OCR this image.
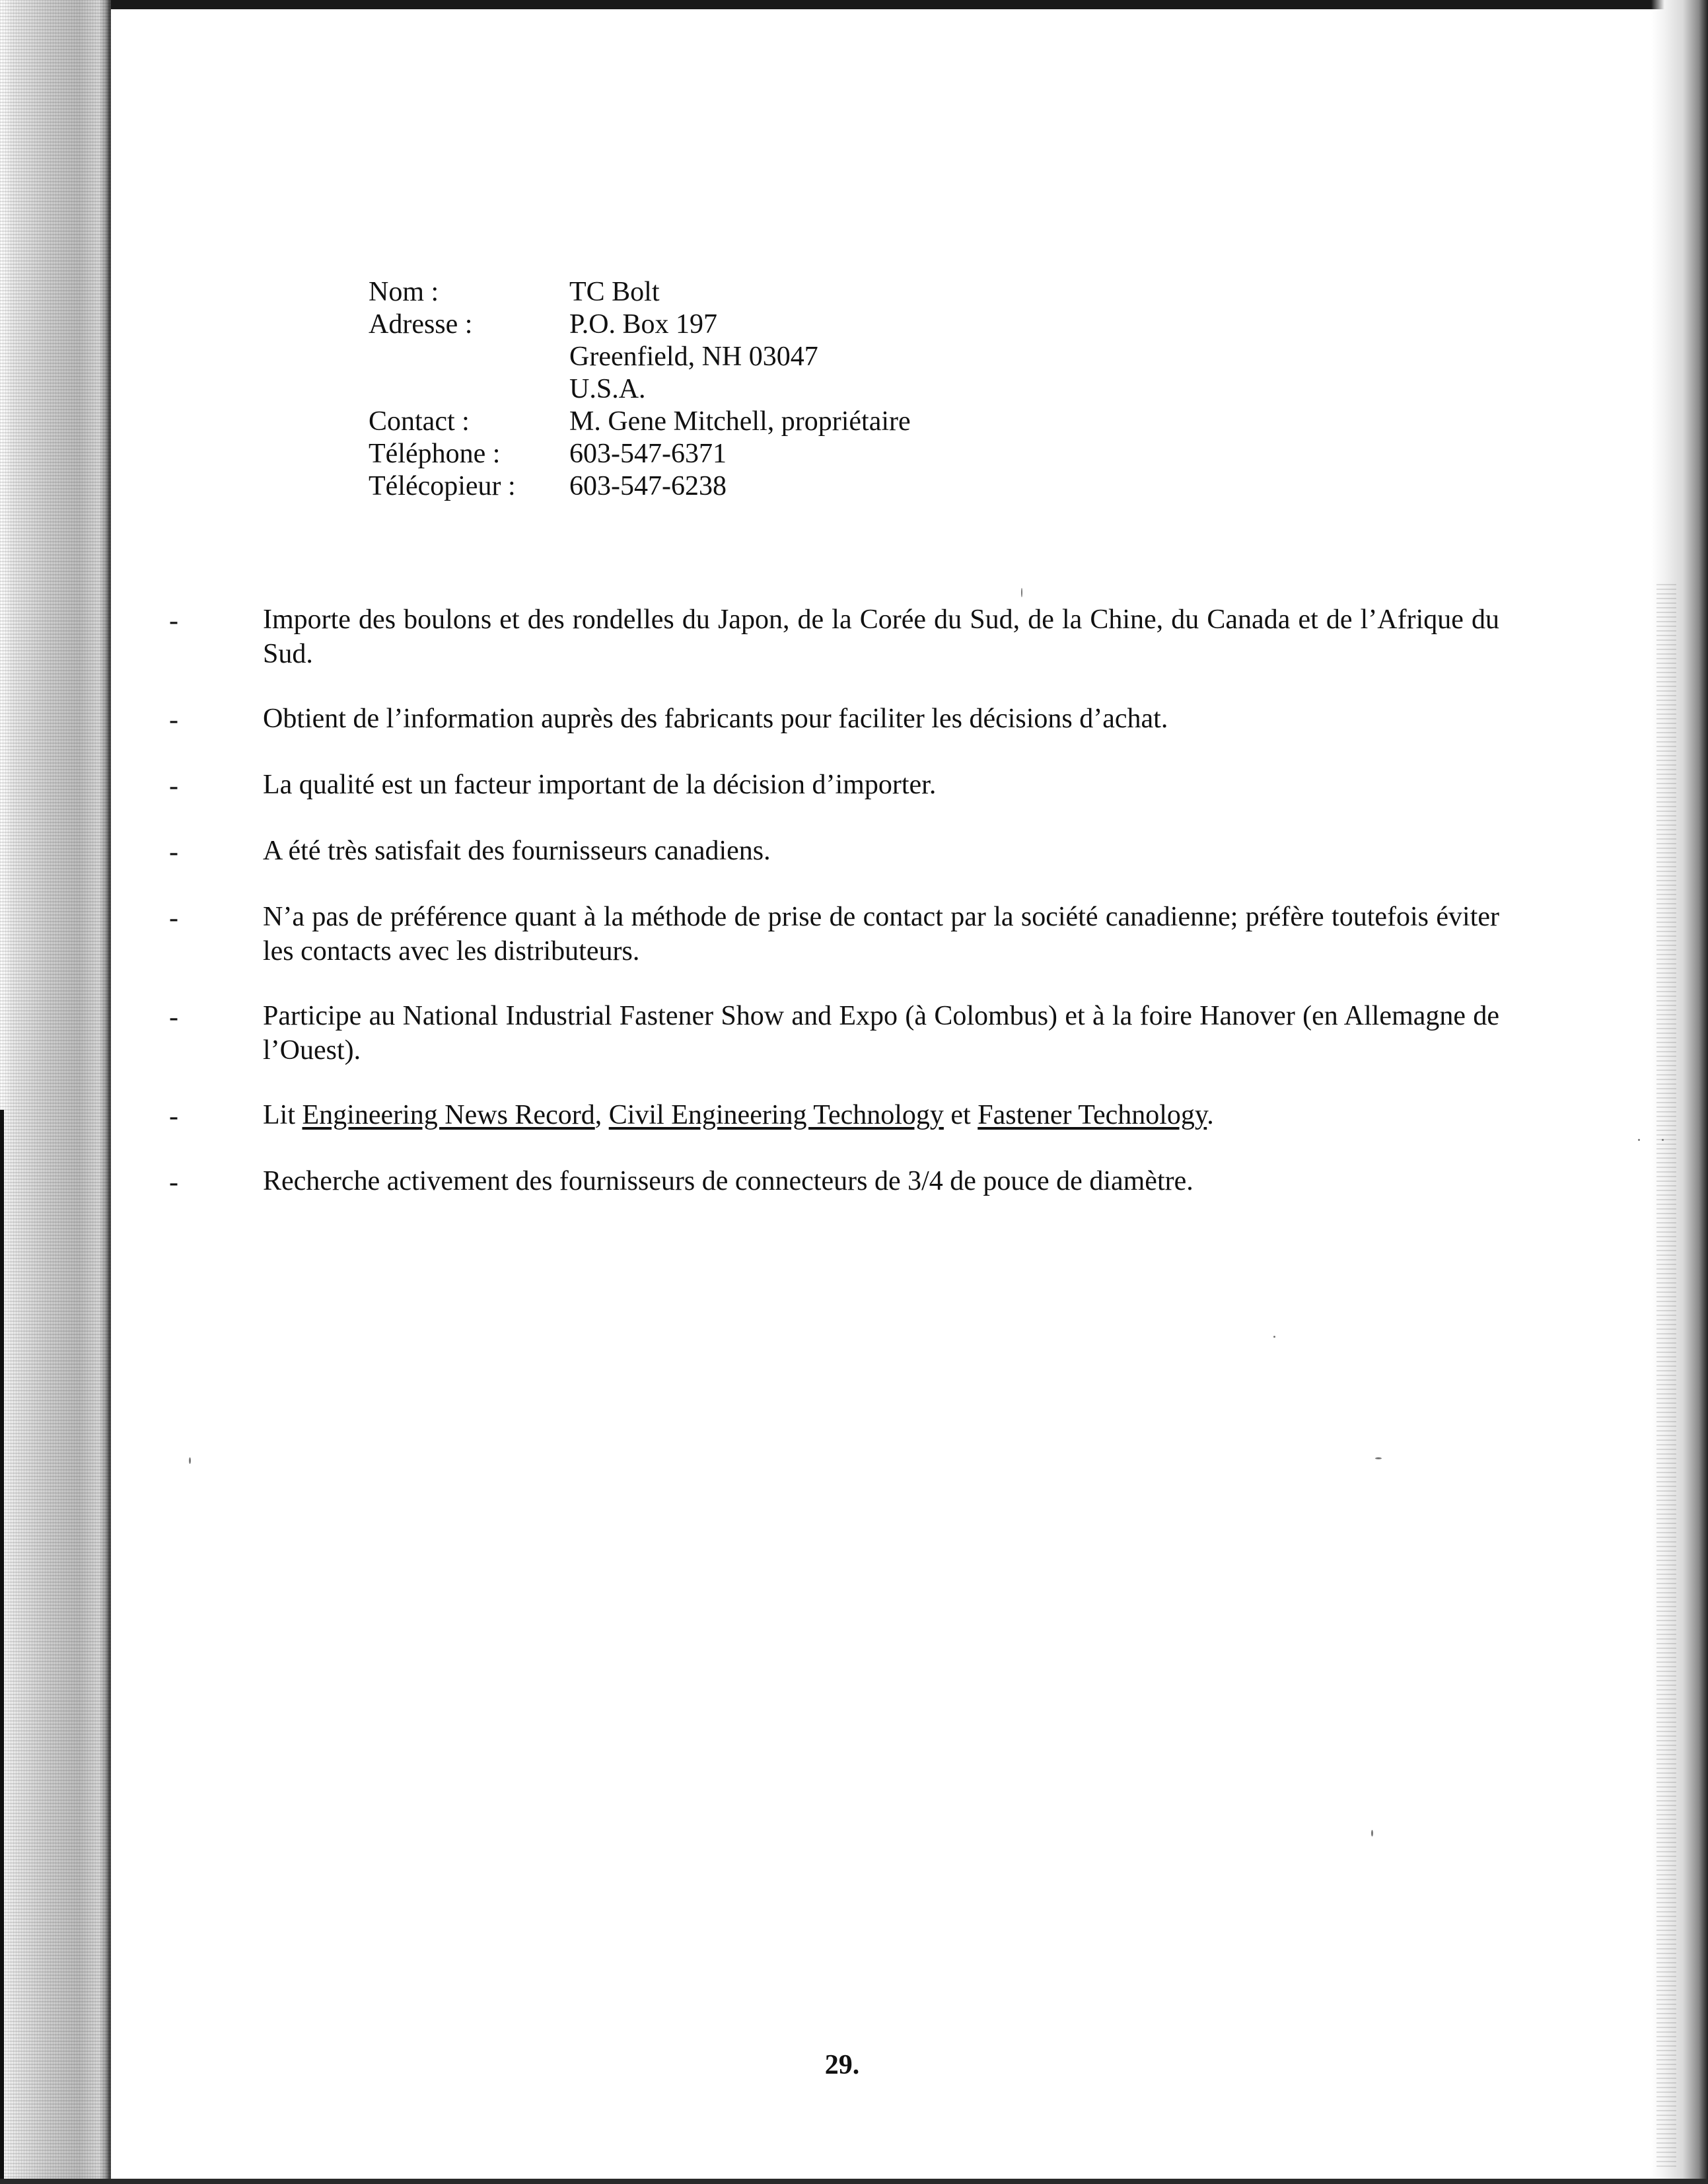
Nom :	TC Bolt
Adresse :	P.O. Box 197
Greenfield, NH 03047
U.S.A.
Contact :	M. Gene Mitchell, propriétaire
Téléphone :	603-547-6371
Télécopieur :	603-547-6238
-	Importe des boulons et des rondelles du Japon, de la Corée du Sud, de la Chine, du Canada et de l’Afrique du Sud.
-	Obtient de l’information auprès des fabricants pour faciliter les décisions d’achat.
-	La qualité est un facteur important de la décision d’importer.
-	A été très satisfait des fournisseurs canadiens.
-	N’a pas de préférence quant à la méthode de prise de contact par la société canadienne; préfère toutefois éviter les contacts avec les distributeurs.
-	Participe au National Industrial Fastener Show and Expo (à Colombus) et à la foire Hanover (en Allemagne de l’Ouest).
-	Lit Engineering News Record, Civil Engineering Technology et Fastener Technology.
-	Recherche activement des fournisseurs de connecteurs de 3/4 de pouce de diamètre.
29.
